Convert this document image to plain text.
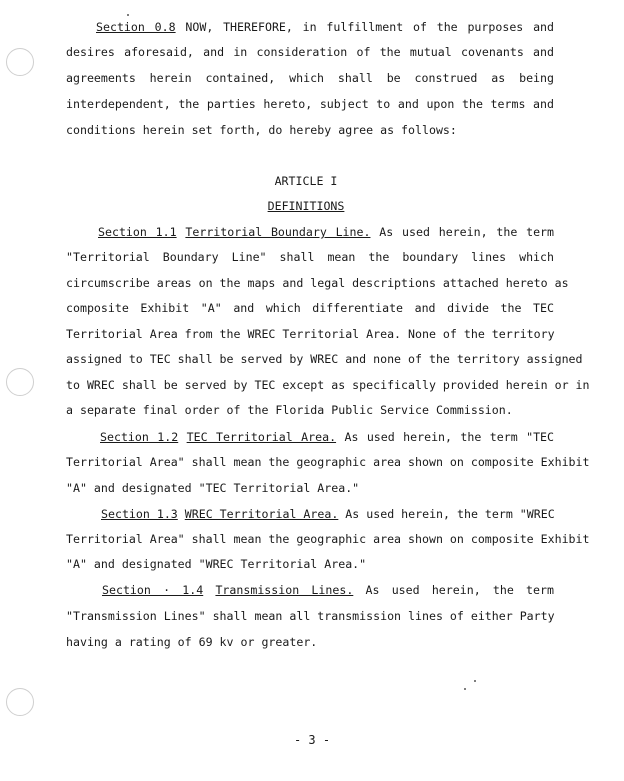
Section 0.8 NOW, THEREFORE, in fulfillment of the purposes and
desires aforesaid, and in consideration of the mutual covenants and
agreements herein contained, which shall be construed as being
interdependent, the parties hereto, subject to and upon the terms and
conditions herein set forth, do hereby agree as follows:
ARTICLE I
DEFINITIONS
Section 1.1 Territorial Boundary Line. As used herein, the term
"Territorial Boundary Line" shall mean the boundary lines which
circumscribe areas on the maps and legal descriptions attached hereto as
composite Exhibit "A" and which differentiate and divide the TEC
Territorial Area from the WREC Territorial Area. None of the territory
assigned to TEC shall be served by WREC and none of the territory assigned
to WREC shall be served by TEC except as specifically provided herein or in
a separate final order of the Florida Public Service Commission.
Section 1.2 TEC Territorial Area. As used herein, the term "TEC
Territorial Area" shall mean the geographic area shown on composite Exhibit
"A" and designated "TEC Territorial Area."
Section 1.3 WREC Territorial Area. As used herein, the term "WREC
Territorial Area" shall mean the geographic area shown on composite Exhibit
"A" and designated "WREC Territorial Area."
Section · 1.4 Transmission Lines. As used herein, the term
"Transmission Lines" shall mean all transmission lines of either Party
having a rating of 69 kv or greater.
- 3 -
